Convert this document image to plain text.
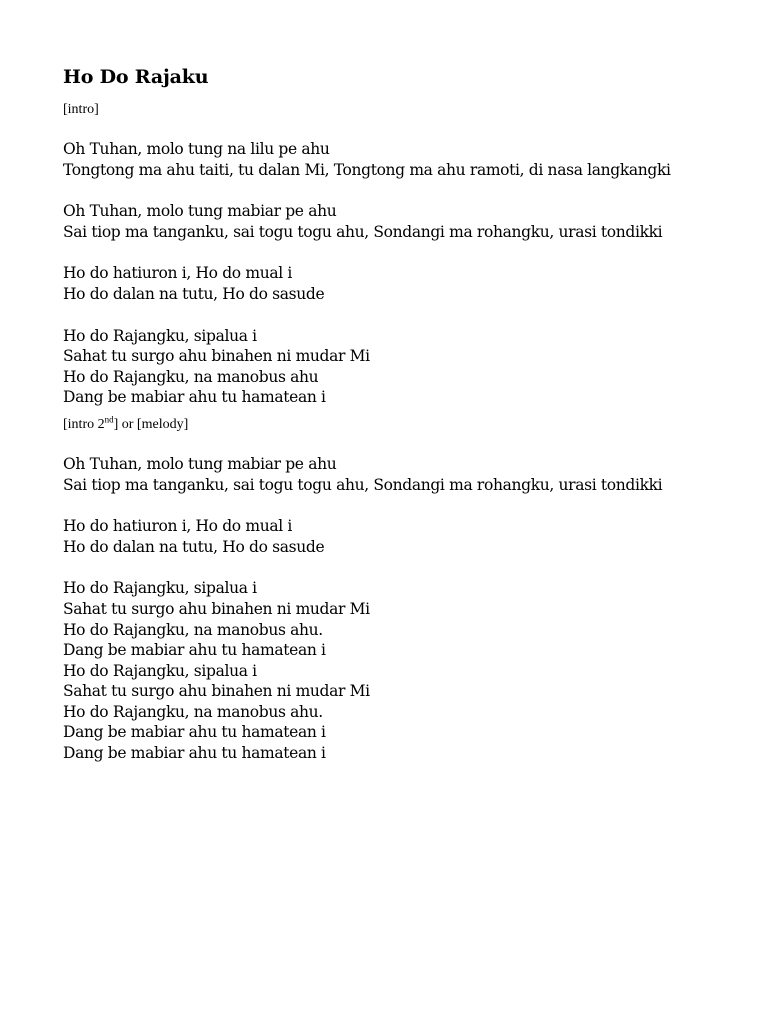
Ho Do Rajaku

[intro]

Oh Tuhan, molo tung na lilu pe ahu
Tongtong ma ahu taiti, tu dalan Mi, Tongtong ma ahu ramoti, di nasa langkangki
Oh Tuhan, molo tung mabiar pe ahu
Sai tiop ma tanganku, sai togu togu ahu, Sondangi ma rohangku, urasi tondikki
Ho do hatiuron i, Ho do mual i
Ho do dalan na tutu, Ho do sasude
Ho do Rajangku, sipalua i
Sahat tu surgo ahu binahen ni mudar Mi
Ho do Rajangku, na manobus ahu
Dang be mabiar ahu tu hamatean i

[intro 2nd] or [melody]

Oh Tuhan, molo tung mabiar pe ahu
Sai tiop ma tanganku, sai togu togu ahu, Sondangi ma rohangku, urasi tondikki
Ho do hatiuron i, Ho do mual i
Ho do dalan na tutu, Ho do sasude
Ho do Rajangku, sipalua i
Sahat tu surgo ahu binahen ni mudar Mi
Ho do Rajangku, na manobus ahu.
Dang be mabiar ahu tu hamatean i
Ho do Rajangku, sipalua i
Sahat tu surgo ahu binahen ni mudar Mi
Ho do Rajangku, na manobus ahu.
Dang be mabiar ahu tu hamatean i
Dang be mabiar ahu tu hamatean i
